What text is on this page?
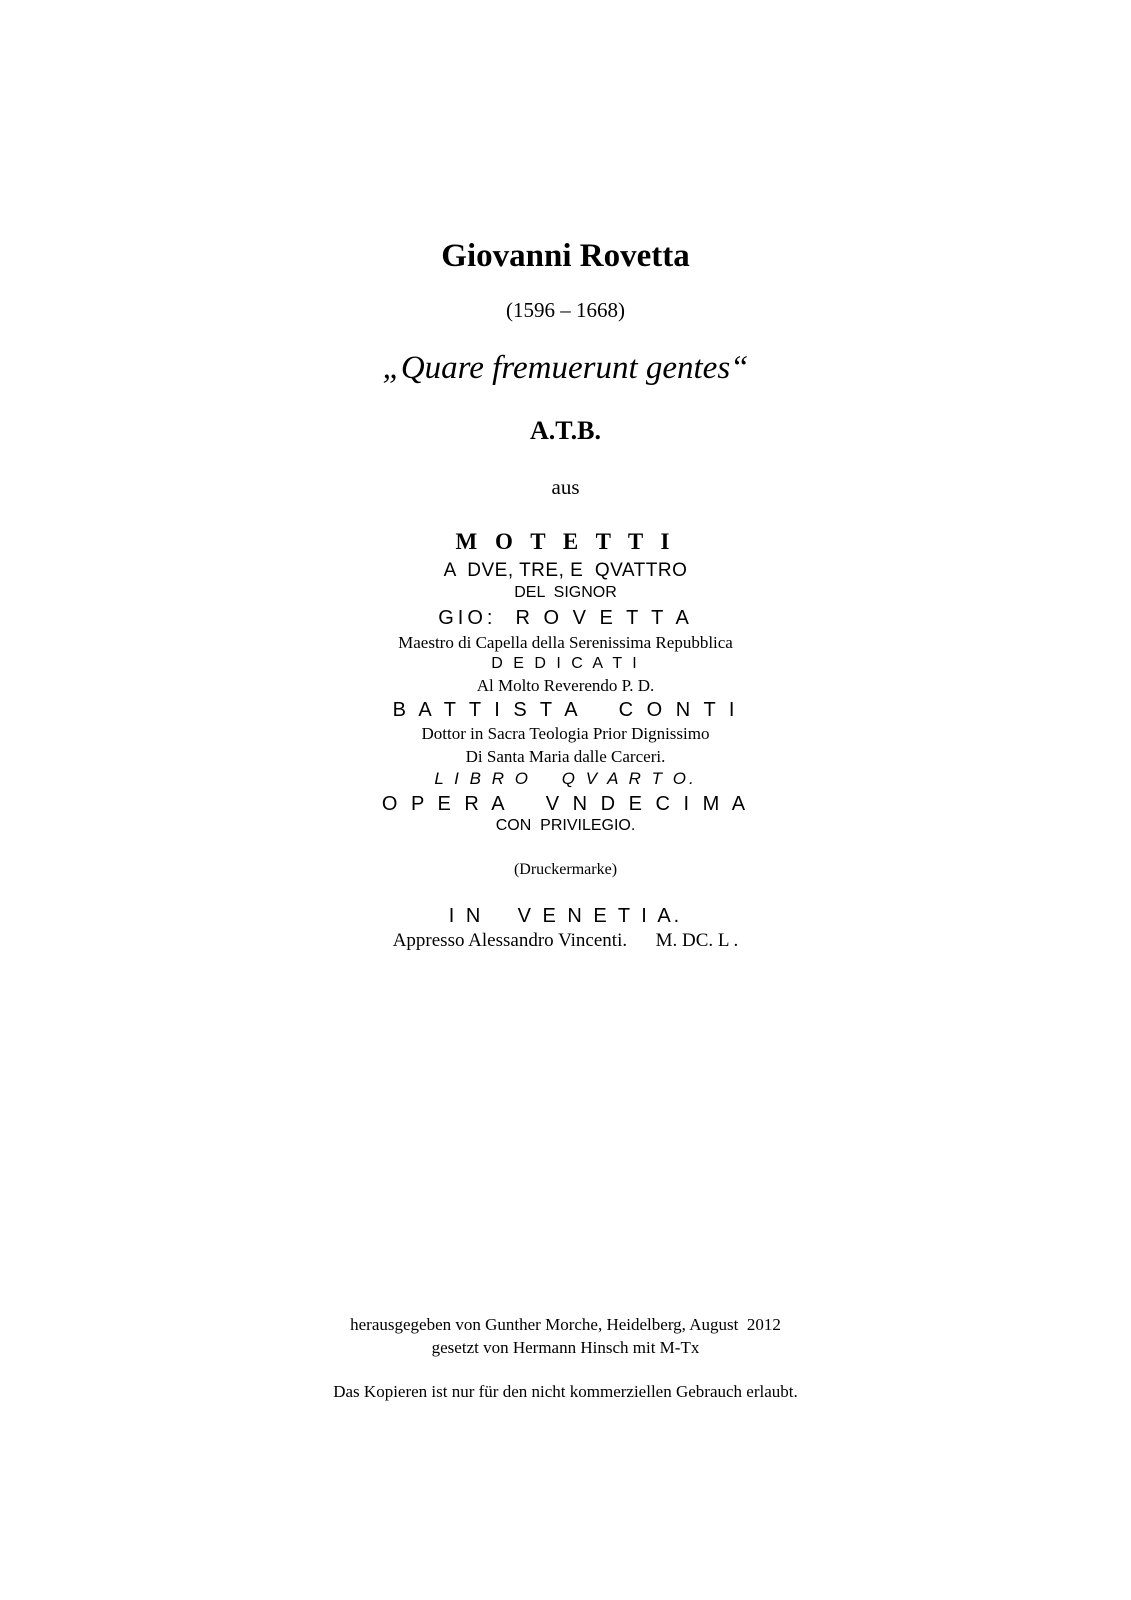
Giovanni Rovetta
(1596 – 1668)
„Quare fremuerunt gentes“
A.T.B.
aus
M O T E T T I
A  DVE, TRE, E  QVATTRO
DEL  SIGNOR
GIO:  R O V E T T A
Maestro di Capella della Serenissima Repubblica
D E D I C A T I
Al Molto Reverendo P. D.
B A T T I S T A    C O N T I
Dottor in Sacra Teologia Prior Dignissimo
Di Santa Maria dalle Carceri.
L I B R O    Q V A R T O.
O P E R A    V N D E C I M A
CON  PRIVILEGIO.
(Druckermarke)
I N    V E N E T I A.
Appresso Alessandro Vincenti.      M. DC. L .
herausgegeben von Gunther Morche, Heidelberg, August  2012
gesetzt von Hermann Hinsch mit M-Tx
Das Kopieren ist nur für den nicht kommerziellen Gebrauch erlaubt.
